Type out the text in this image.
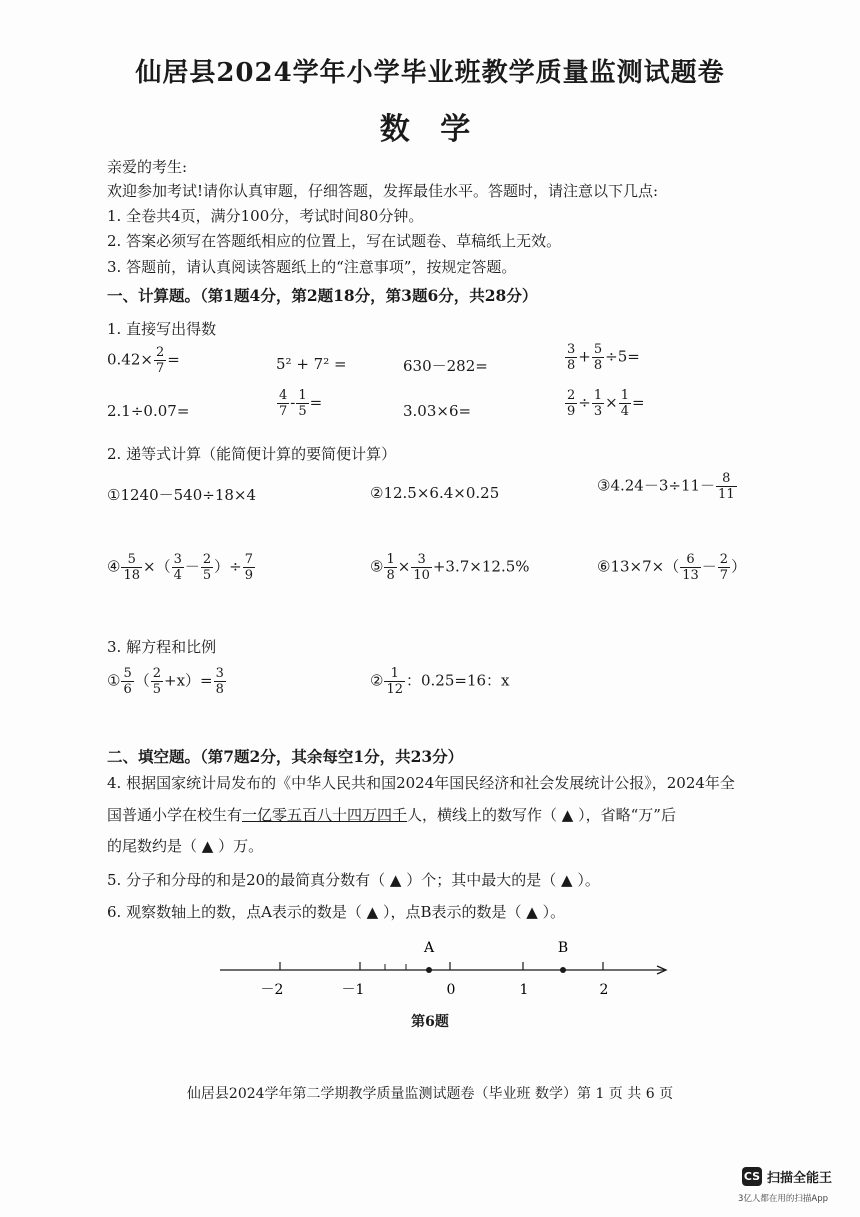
仙居县2024学年小学毕业班教学质量监测试题卷
数 学
亲爱的考生:
欢迎参加考试!请你认真审题，仔细答题，发挥最佳水平。答题时，请注意以下几点:
1. 全卷共4页，满分100分，考试时间80分钟。
2. 答案必须写在答题纸相应的位置上，写在试题卷、草稿纸上无效。
3. 答题前，请认真阅读答题纸上的“注意事项”，按规定答题。
一、计算题。（第1题4分，第2题18分，第3题6分，共28分）
1. 直接写出得数
$0.42\times \frac{2}{7}$ =	5² + 7² =	630－282=	$\frac{3}{8} + \frac{5}{8} \div 5=$
2.1÷0.07=	$\frac{4}{7} - \frac{1}{5}$ =	3.03×6=	$\frac{2}{9} \div \frac{1}{3} \times \frac{1}{4}$ =
2. 递等式计算（能简便计算的要简便计算）
①1240－540÷18×4	②12.5×6.4×0.25	③4.24－3÷11－ $\frac{8}{11}$
④ $\frac{5}{18}$ ×（ $\frac{3}{4} - \frac{2}{5}$ ）÷ $\frac{7}{9}$	⑤ $\frac{1}{8} \times \frac{3}{10} +3.7\times 12.5\%$	⑥13×7×（ $\frac{6}{13} - \frac{2}{7}$ ）
3. 解方程和比例
① $\frac{5}{6}$ （ $\frac{2}{5} +x)= \frac{3}{8}$	② $\frac{1}{12}$ ：0.25=16：x
二、填空题。（第7题2分，其余每空1分，共23分）
4. 根据国家统计局发布的《中华人民共和国2024年国民经济和社会发展统计公报》，2024年全
国普通小学在校生有一亿零五百八十四万四千人，横线上的数写作（ ▲ ），省略“万”后
的尾数约是（ ▲ ）万。
5. 分子和分母的和是20的最简真分数有（ ▲ ）个；其中最大的是（ ▲ ）。
6. 观察数轴上的数，点A表示的数是（ ▲ ），点B表示的数是（ ▲ ）。
A	B
－2	－1	0	1	2
第6题
仙居县2024学年第二学期教学质量监测试题卷（毕业班 数学）第 1 页 共 6 页
CS 扫描全能王
3亿人都在用的扫描App
